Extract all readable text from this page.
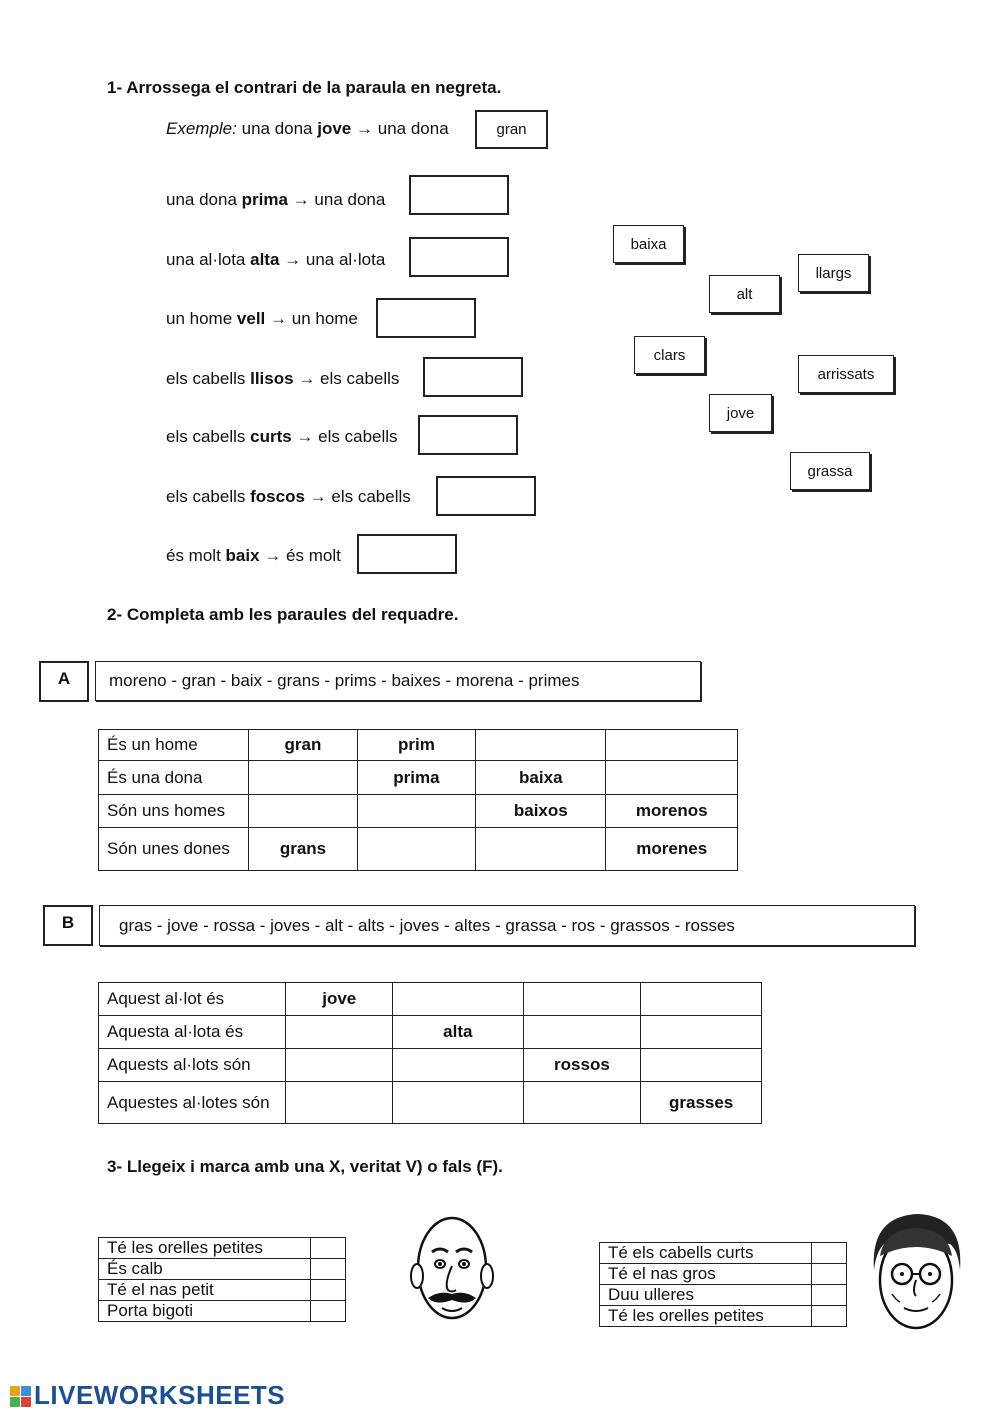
1- Arrossega el contrari de la paraula en negreta.
Exemple: una dona jove → una dona	gran
una dona prima → una dona
una al·lota alta → una al·lota
un home vell → un home
els cabells llisos → els cabells
els cabells curts → els cabells
els cabells foscos → els cabells
és molt baix → és molt
baixa
llargs
alt
clars
arrissats
jove
grassa
2- Completa amb les paraules del requadre.
A	moreno - gran - baix - grans - prims - baixes - morena - primes
És un home	gran	prim		
És una dona		prima	baixa	
Són uns homes			baixos	morenos
Són unes dones	grans			morenes
B	gras - jove - rossa - joves - alt - alts - joves - altes - grassa - ros - grassos - rosses
Aquest al·lot és	jove			
Aquesta al·lota és		alta		
Aquests al·lots són			rossos	
Aquestes al·lotes són				grasses
3- Llegeix i marca amb una X, veritat V) o fals (F).
Té les orelles petites	
És calb	
Té el nas petit	
Porta bigoti	
Té els cabells curts	
Té el nas gros	
Duu ulleres	
Té les orelles petites	
LIVEWORKSHEETS
